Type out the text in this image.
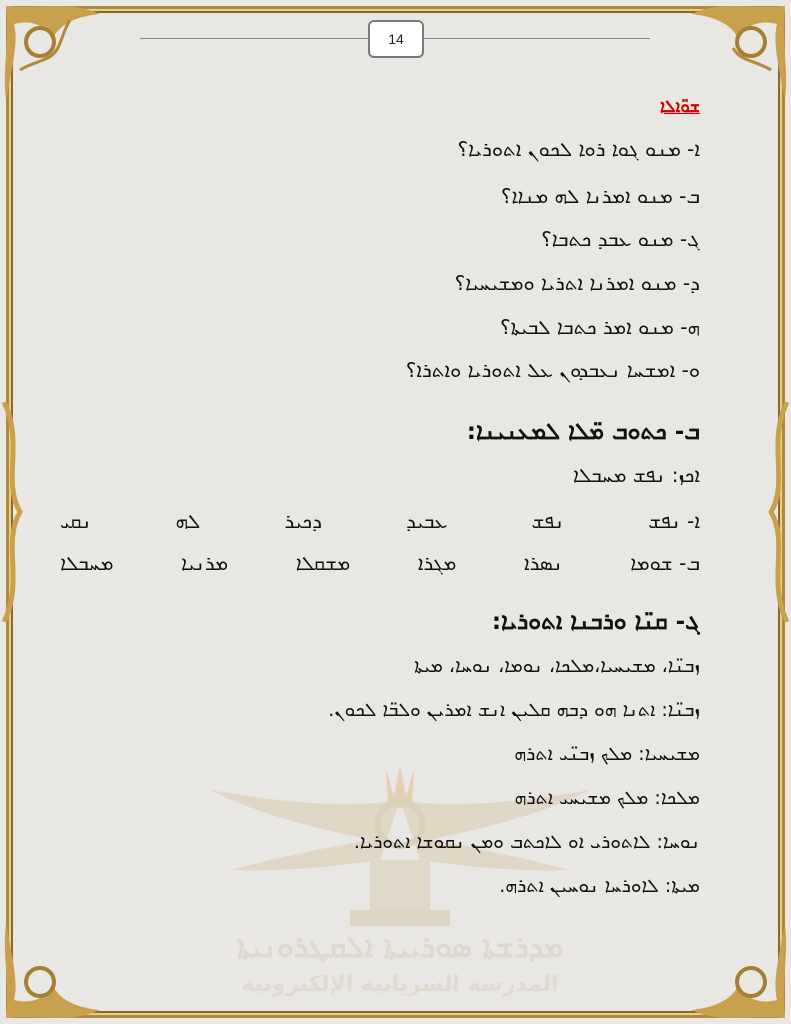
14
ܡܕܪܫܬܐ ܣܘܪܝܝܬܐ ܐܠܩܛܪܘܢܝܬܐ
المدرسة السريانية الإلكترونية
ܫܘ̈ܐܠܐ
ܐ- ܡܢܘ ܓܘܐ ܪܘܐ ܠܟܘܢ ܐܬܘܪܝܐ؟
ܒ- ܡܢܘ ܐܡܪܢܐ ܠܗ ܡܢܐܐ؟
ܓ- ܡܢܘ ܥܒܕ ܟܬܒܐ؟
ܕ- ܡܢܘ ܐܡܪܢܐ ܐܬܪܝܐ ܘܡܫܝܚܝܐ؟
ܗ- ܡܢܘ ܐܡܪ ܟܬܒܐ ܠܒܝܬܐ؟
ܘ- ܐܡܫܚܐ ܢܥܒܕܘܢ ܥܠ ܐܬܘܪܝܐ ܘܐܬܪܐ؟
ܒ- ܟܬܘܒ ܡ̈ܠܐ ܠܡܥܢܝܢܐ:
ܐܟܙ: ܢܦܫ ܡܚܒܠܐ
ܐ- ܢܦܫ
ܢܦܫ
ܥܒܝܕ
ܕܟܝܪ
ܠܗ
ܢܩܝ
ܒ- ܫܘܡܐ
ܢܣܪܐ
ܡܓܪܐ
ܡܫܩܠܐ
ܡܪܢܝܐ
ܡܚܒܠܐ
ܓ- ܩܢ̈ܐ ܘܪܒܢܐ ܐܬܘܪܝܐ:
ܙܒܢ̈ܐ، ܡܫܝܚܝܐ،ܡܠܟܐ، ܢܘܡܐ، ܢܘܚܐ، ܡܝܬܐ
ܙܒܢ̈ܐ: ܐܬܢܐ ܗܘ ܕܒܗ ܩܠܝܢ ܐܢܫ ܐܡܪܝܢ ܘܠܒ̈ܐ ܠܟܘܢ.
ܡܫܝܚܝܐ: ܡܠܟ ܙܒܢ̈ܝ ܐܬܪܗ
ܡܠܟܐ: ܡܠܟ ܡܫܝܚܝ ܐܬܪܗ
ܢܘܚܐ: ܠܐܬܘܪܝ ܐܘ ܠܐܟܬܒ ܘܡܢ ܢܩܘܫܐ ܐܬܘܪܝܐ.
ܡܝܬܐ: ܠܐܘܪܚܐ ܢܘܚܝܢ ܐܬܪܗ.
